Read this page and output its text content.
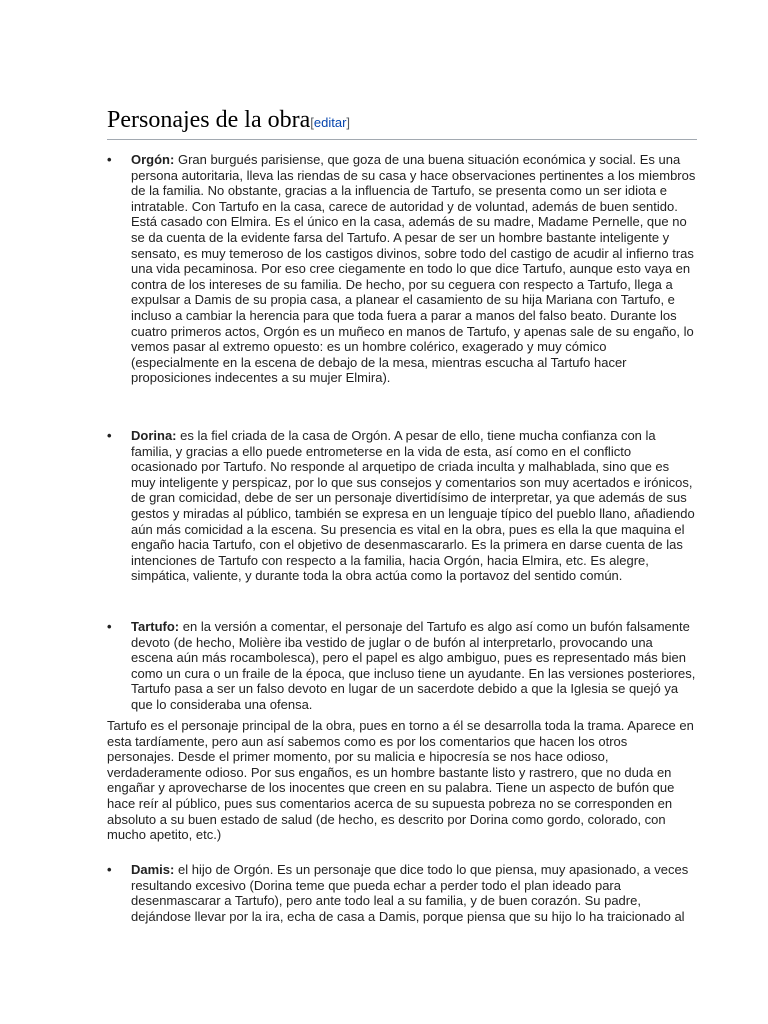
Personajes de la obra[editar]
• Orgón: Gran burgués parisiense, que goza de una buena situación económica y social. Es una persona autoritaria, lleva las riendas de su casa y hace observaciones pertinentes a los miembros de la familia. No obstante, gracias a la influencia de Tartufo, se presenta como un ser idiota e intratable. Con Tartufo en la casa, carece de autoridad y de voluntad, además de buen sentido. Está casado con Elmira. Es el único en la casa, además de su madre, Madame Pernelle, que no se da cuenta de la evidente farsa del Tartufo. A pesar de ser un hombre bastante inteligente y sensato, es muy temeroso de los castigos divinos, sobre todo del castigo de acudir al infierno tras una vida pecaminosa. Por eso cree ciegamente en todo lo que dice Tartufo, aunque esto vaya en contra de los intereses de su familia. De hecho, por su ceguera con respecto a Tartufo, llega a expulsar a Damis de su propia casa, a planear el casamiento de su hija Mariana con Tartufo, e incluso a cambiar la herencia para que toda fuera a parar a manos del falso beato. Durante los cuatro primeros actos, Orgón es un muñeco en manos de Tartufo, y apenas sale de su engaño, lo vemos pasar al extremo opuesto: es un hombre colérico, exagerado y muy cómico (especialmente en la escena de debajo de la mesa, mientras escucha al Tartufo hacer proposiciones indecentes a su mujer Elmira).
• Dorina: es la fiel criada de la casa de Orgón. A pesar de ello, tiene mucha confianza con la familia, y gracias a ello puede entrometerse en la vida de esta, así como en el conflicto ocasionado por Tartufo. No responde al arquetipo de criada inculta y malhablada, sino que es muy inteligente y perspicaz, por lo que sus consejos y comentarios son muy acertados e irónicos, de gran comicidad, debe de ser un personaje divertidísimo de interpretar, ya que además de sus gestos y miradas al público, también se expresa en un lenguaje típico del pueblo llano, añadiendo aún más comicidad a la escena. Su presencia es vital en la obra, pues es ella la que maquina el engaño hacia Tartufo, con el objetivo de desenmascararlo. Es la primera en darse cuenta de las intenciones de Tartufo con respecto a la familia, hacia Orgón, hacia Elmira, etc. Es alegre, simpática, valiente, y durante toda la obra actúa como la portavoz del sentido común.
• Tartufo: en la versión a comentar, el personaje del Tartufo es algo así como un bufón falsamente devoto (de hecho, Molière iba vestido de juglar o de bufón al interpretarlo, provocando una escena aún más rocambolesca), pero el papel es algo ambiguo, pues es representado más bien como un cura o un fraile de la época, que incluso tiene un ayudante. En las versiones posteriores, Tartufo pasa a ser un falso devoto en lugar de un sacerdote debido a que la Iglesia se quejó ya que lo consideraba una ofensa.

Tartufo es el personaje principal de la obra, pues en torno a él se desarrolla toda la trama. Aparece en esta tardíamente, pero aun así sabemos como es por los comentarios que hacen los otros personajes. Desde el primer momento, por su malicia e hipocresía se nos hace odioso, verdaderamente odioso. Por sus engaños, es un hombre bastante listo y rastrero, que no duda en engañar y aprovecharse de los inocentes que creen en su palabra. Tiene un aspecto de bufón que hace reír al público, pues sus comentarios acerca de su supuesta pobreza no se corresponden en absoluto a su buen estado de salud (de hecho, es descrito por Dorina como gordo, colorado, con mucho apetito, etc.)

• Damis: el hijo de Orgón. Es un personaje que dice todo lo que piensa, muy apasionado, a veces resultando excesivo (Dorina teme que pueda echar a perder todo el plan ideado para desenmascarar a Tartufo), pero ante todo leal a su familia, y de buen corazón. Su padre, dejándose llevar por la ira, echa de casa a Damis, porque piensa que su hijo lo ha traicionado al
